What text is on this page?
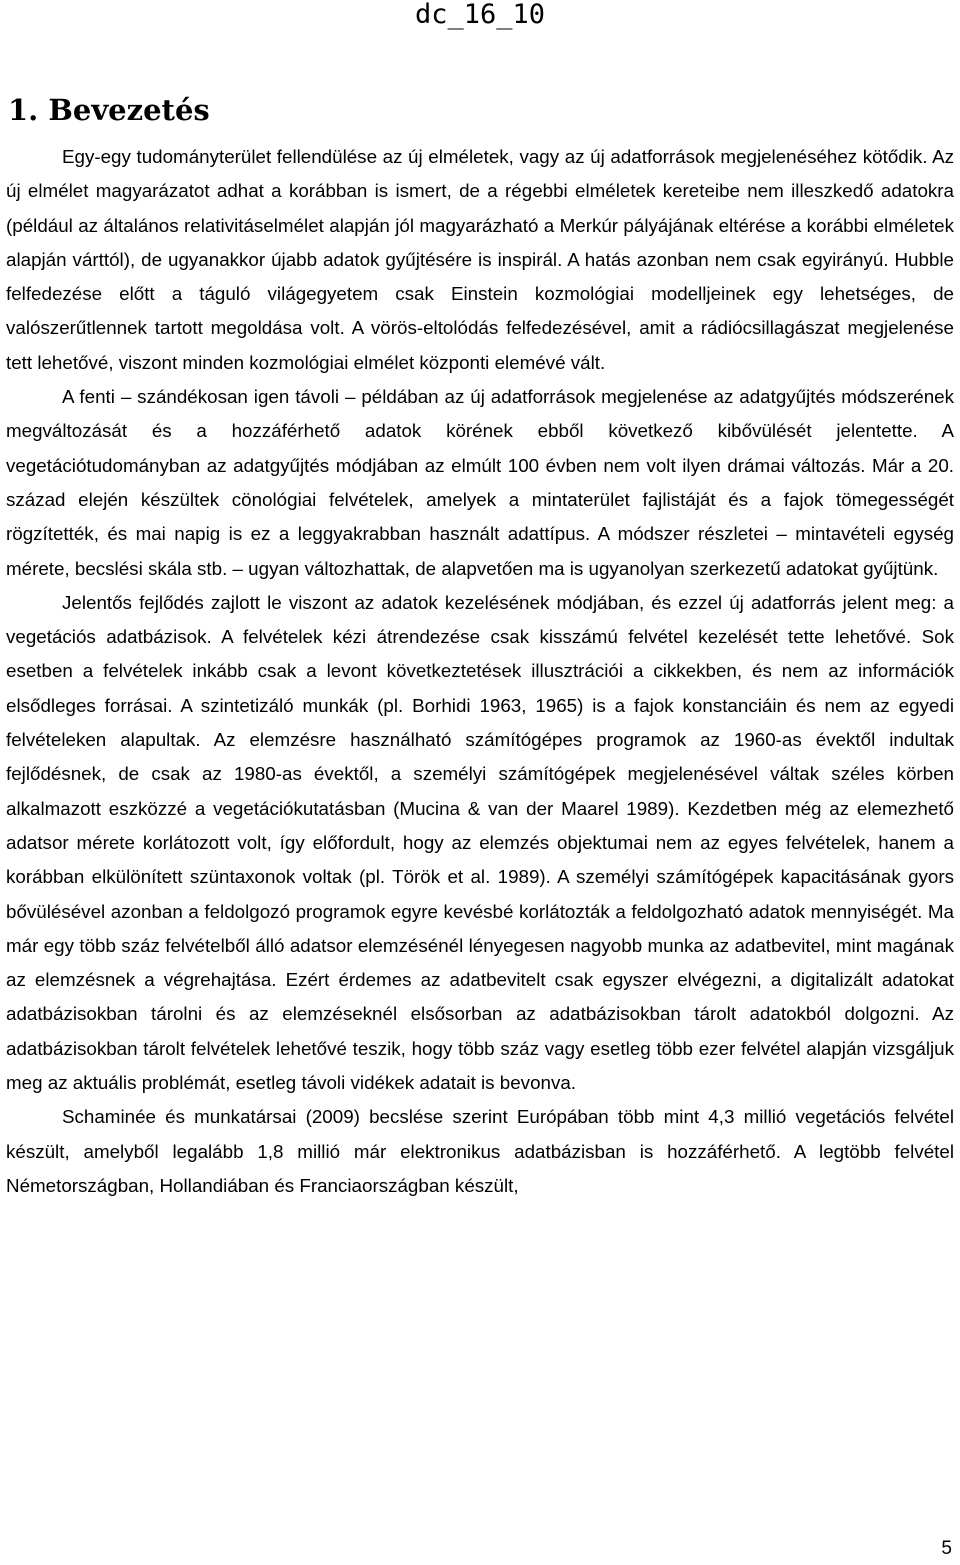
dc_16_10
1. Bevezetés

Egy-egy tudományterület fellendülése az új elméletek, vagy az új adatforrások megjelenéséhez kötődik. Az új elmélet magyarázatot adhat a korábban is ismert, de a régebbi elméletek kereteibe nem illeszkedő adatokra (például az általános relativitáselmélet alapján jól magyarázható a Merkúr pályájának eltérése a korábbi elméletek alapján várttól), de ugyanakkor újabb adatok gyűjtésére is inspirál. A hatás azonban nem csak egyirányú. Hubble felfedezése előtt a táguló világegyetem csak Einstein kozmológiai modelljeinek egy lehetséges, de valószerűtlennek tartott megoldása volt. A vörös-eltolódás felfedezésével, amit a rádiócsillagászat megjelenése tett lehetővé, viszont minden kozmológiai elmélet központi elemévé vált.

A fenti – szándékosan igen távoli – példában az új adatforrások megjelenése az adatgyűjtés módszerének megváltozását és a hozzáférhető adatok körének ebből következő kibővülését jelentette. A vegetációtudományban az adatgyűjtés módjában az elmúlt 100 évben nem volt ilyen drámai változás. Már a 20. század elején készültek cönológiai felvételek, amelyek a mintaterület fajlistáját és a fajok tömegességét rögzítették, és mai napig is ez a leggyakrabban használt adattípus. A módszer részletei – mintavételi egység mérete, becslési skála stb. – ugyan változhattak, de alapvetően ma is ugyanolyan szerkezetű adatokat gyűjtünk.

Jelentős fejlődés zajlott le viszont az adatok kezelésének módjában, és ezzel új adatforrás jelent meg: a vegetációs adatbázisok. A felvételek kézi átrendezése csak kisszámú felvétel kezelését tette lehetővé. Sok esetben a felvételek inkább csak a levont következtetések illusztrációi a cikkekben, és nem az információk elsődleges forrásai. A szintetizáló munkák (pl. Borhidi 1963, 1965) is a fajok konstanciáin és nem az egyedi felvételeken alapultak. Az elemzésre használható számítógépes programok az 1960-as évektől indultak fejlődésnek, de csak az 1980-as évektől, a személyi számítógépek megjelenésével váltak széles körben alkalmazott eszközzé a vegetációkutatásban (Mucina & van der Maarel 1989). Kezdetben még az elemezhető adatsor mérete korlátozott volt, így előfordult, hogy az elemzés objektumai nem az egyes felvételek, hanem a korábban elkülönített szüntaxonok voltak (pl. Török et al. 1989). A személyi számítógépek kapacitásának gyors bővülésével azonban a feldolgozó programok egyre kevésbé korlátozták a feldolgozható adatok mennyiségét. Ma már egy több száz felvételből álló adatsor elemzésénél lényegesen nagyobb munka az adatbevitel, mint magának az elemzésnek a végrehajtása. Ezért érdemes az adatbevitelt csak egyszer elvégezni, a digitalizált adatokat adatbázisokban tárolni és az elemzéseknél elsősorban az adatbázisokban tárolt adatokból dolgozni. Az adatbázisokban tárolt felvételek lehetővé teszik, hogy több száz vagy esetleg több ezer felvétel alapján vizsgáljuk meg az aktuális problémát, esetleg távoli vidékek adatait is bevonva.

Schaminée és munkatársai (2009) becslése szerint Európában több mint 4,3 millió vegetációs felvétel készült, amelyből legalább 1,8 millió már elektronikus adatbázisban is hozzáférhető. A legtöbb felvétel Németországban, Hollandiában és Franciaországban készült,

5
